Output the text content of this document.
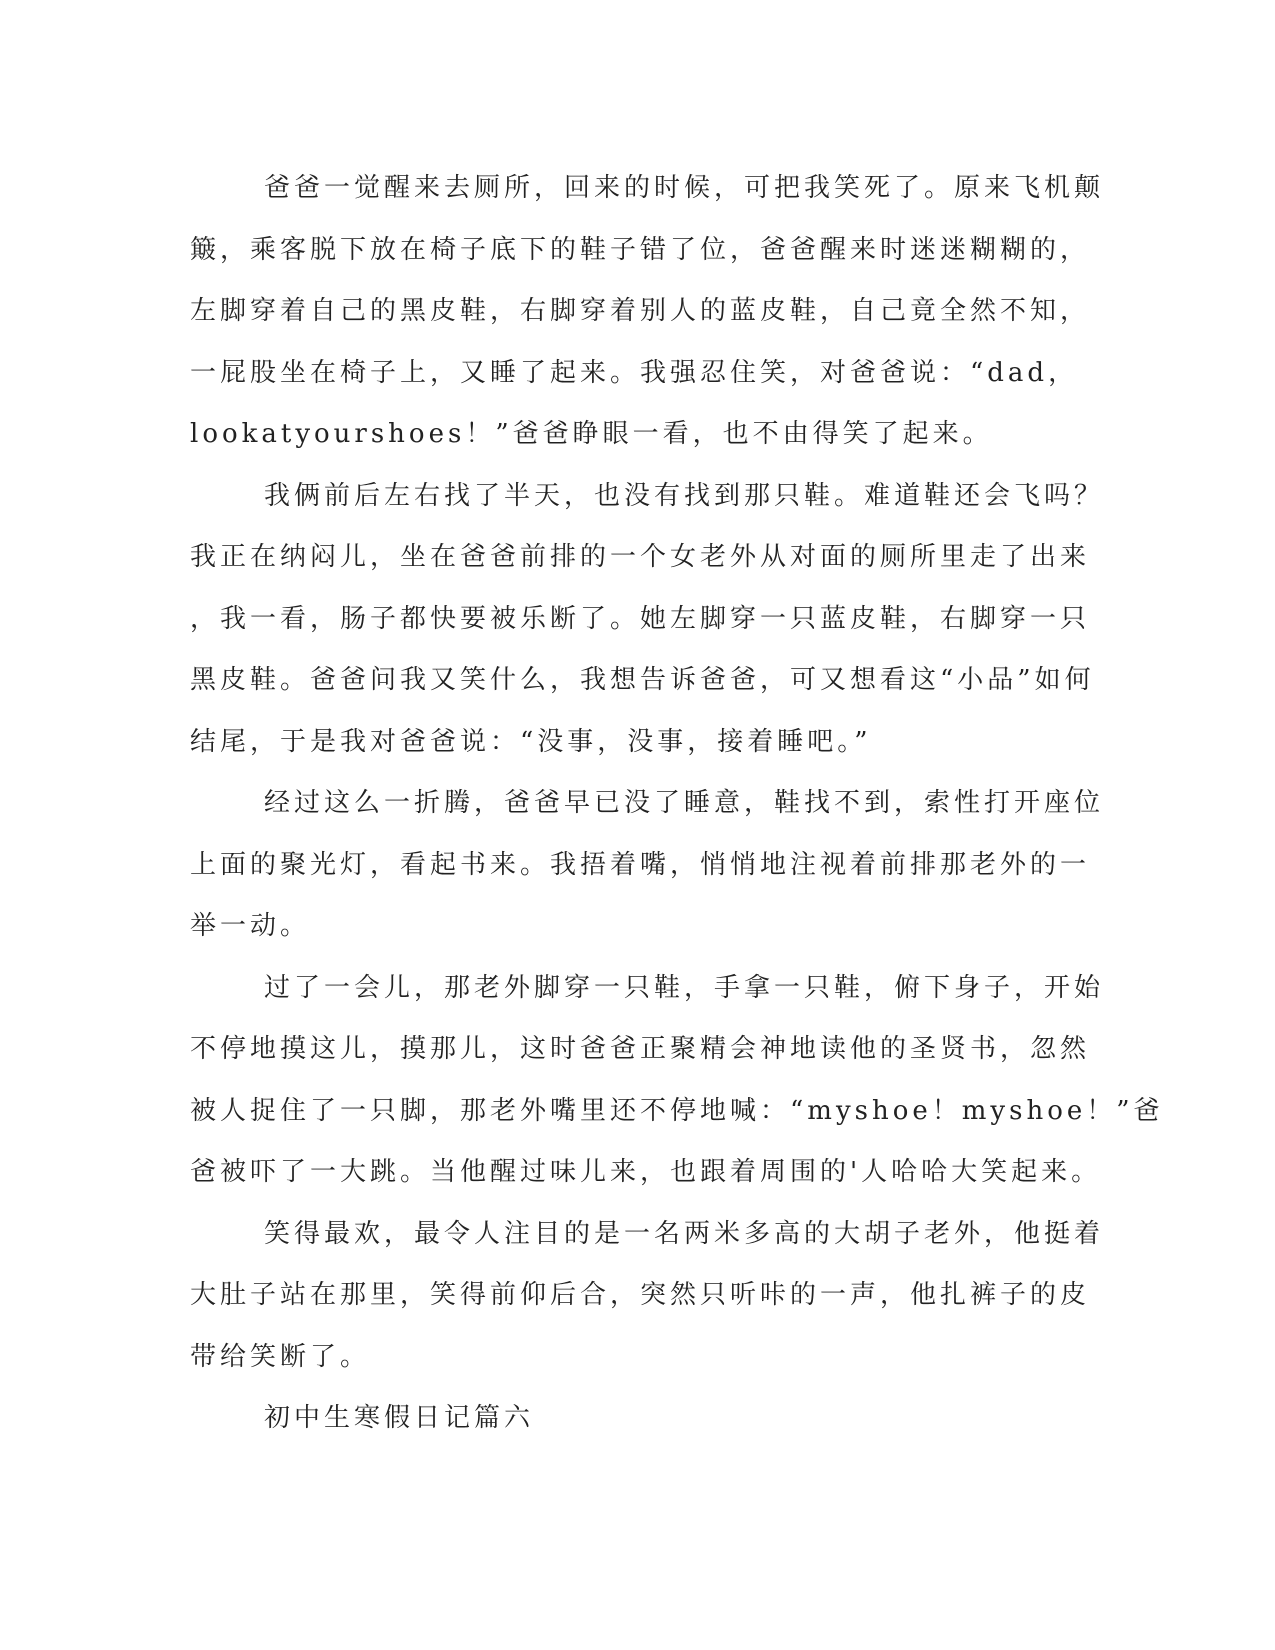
爸爸一觉醒来去厕所，回来的时候，可把我笑死了。原来飞机颠
簸，乘客脱下放在椅子底下的鞋子错了位，爸爸醒来时迷迷糊糊的，
左脚穿着自己的黑皮鞋，右脚穿着别人的蓝皮鞋，自己竟全然不知，
一屁股坐在椅子上，又睡了起来。我强忍住笑，对爸爸说：“dad，
lookatyourshoes！”爸爸睁眼一看，也不由得笑了起来。
我俩前后左右找了半天，也没有找到那只鞋。难道鞋还会飞吗？
我正在纳闷儿，坐在爸爸前排的一个女老外从对面的厕所里走了出来
，我一看，肠子都快要被乐断了。她左脚穿一只蓝皮鞋，右脚穿一只
黑皮鞋。爸爸问我又笑什么，我想告诉爸爸，可又想看这“小品”如何
结尾，于是我对爸爸说：“没事，没事，接着睡吧。”
经过这么一折腾，爸爸早已没了睡意，鞋找不到，索性打开座位
上面的聚光灯，看起书来。我捂着嘴，悄悄地注视着前排那老外的一
举一动。
过了一会儿，那老外脚穿一只鞋，手拿一只鞋，俯下身子，开始
不停地摸这儿，摸那儿，这时爸爸正聚精会神地读他的圣贤书，忽然
被人捉住了一只脚，那老外嘴里还不停地喊：“myshoe！myshoe！”爸
爸被吓了一大跳。当他醒过味儿来，也跟着周围的'人哈哈大笑起来。
笑得最欢，最令人注目的是一名两米多高的大胡子老外，他挺着
大肚子站在那里，笑得前仰后合，突然只听咔的一声，他扎裤子的皮
带给笑断了。
初中生寒假日记篇六
